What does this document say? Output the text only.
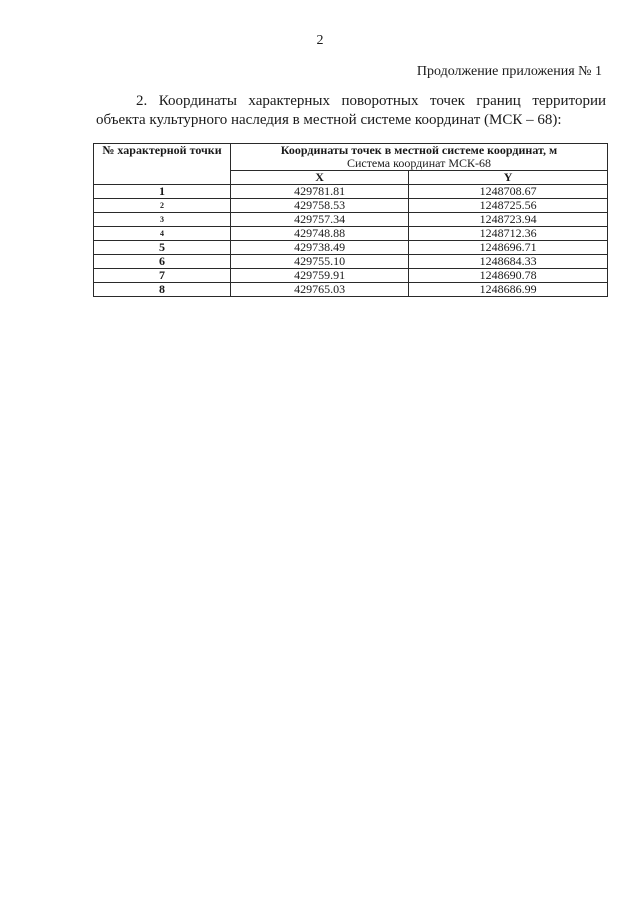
2
Продолжение приложения № 1
2. Координаты характерных поворотных точек границ территории
объекта культурного наследия в местной системе координат (МСК – 68):
№ характерной точки	Координаты точек в местной системе координат, м
Система координат МСК-68	

	X	Y
1	429781.81	1248708.67
2	429758.53	1248725.56
3	429757.34	1248723.94
4	429748.88	1248712.36
5	429738.49	1248696.71
6	429755.10	1248684.33
7	429759.91	1248690.78
8	429765.03	1248686.99
